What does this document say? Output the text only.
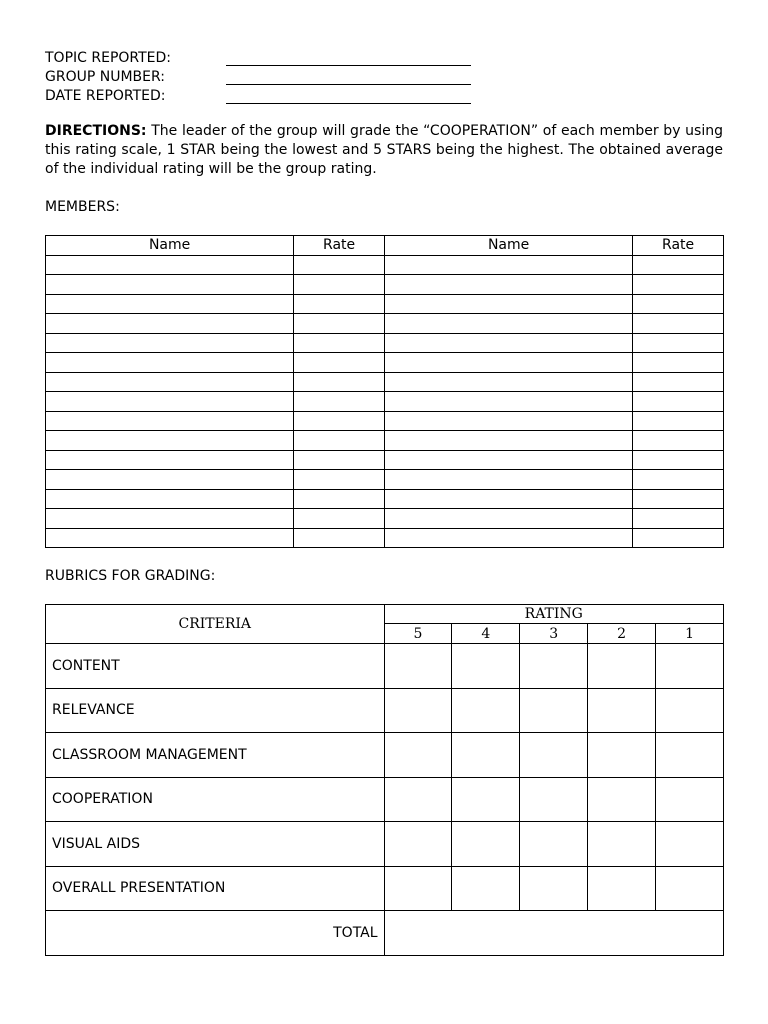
TOPIC REPORTED:
GROUP NUMBER:
DATE REPORTED:
DIRECTIONS: The leader of the group will grade the “COOPERATION” of each member by using this rating scale, 1 STAR being the lowest and 5 STARS being the highest. The obtained average of the individual rating will be the group rating.
MEMBERS:
Name	Rate	Name	Rate

RUBRICS FOR GRADING:
CRITERIA	RATING				
	5	4	3	2	1
CONTENT					
RELEVANCE					
CLASSROOM MANAGEMENT					
COOPERATION					
VISUAL AIDS					
OVERALL PRESENTATION					
TOTAL					
